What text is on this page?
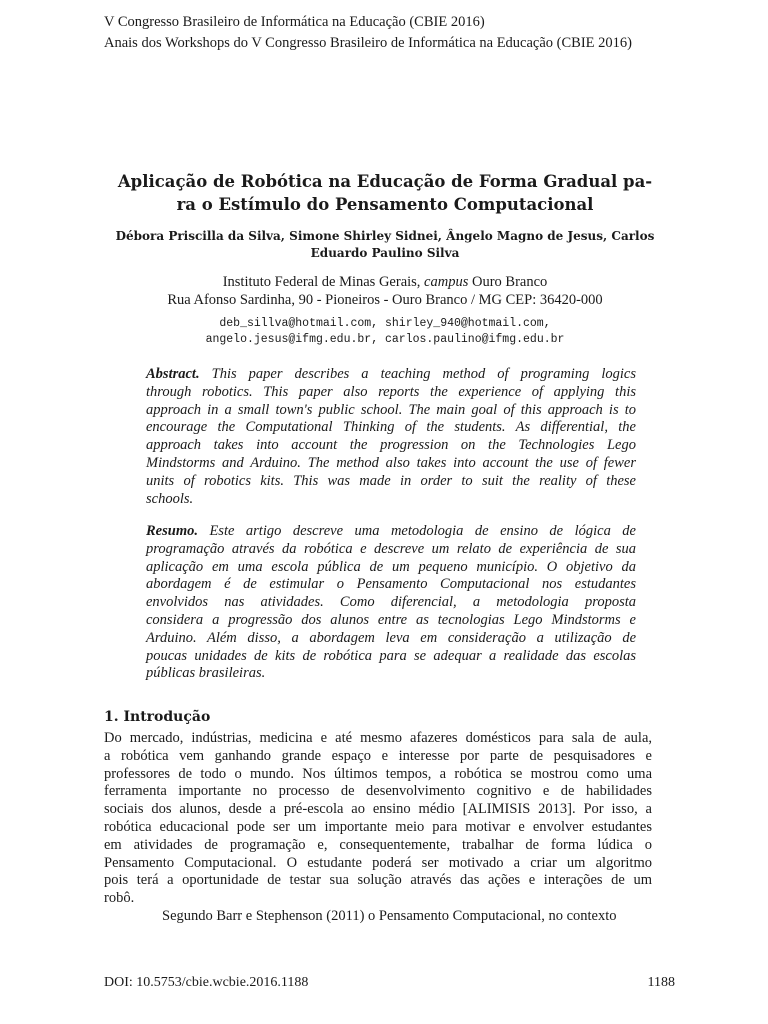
V Congresso Brasileiro de Informática na Educação (CBIE 2016)
Anais dos Workshops do V Congresso Brasileiro de Informática na Educação (CBIE 2016)
Aplicação de Robótica na Educação de Forma Gradual pa-
ra o Estímulo do Pensamento Computacional
Débora Priscilla da Silva, Simone Shirley Sidnei, Ângelo Magno de Jesus, Carlos
Eduardo Paulino Silva
Instituto Federal de Minas Gerais, campus Ouro Branco
Rua Afonso Sardinha, 90 - Pioneiros - Ouro Branco / MG CEP: 36420-000
deb_sillva@hotmail.com, shirley_940@hotmail.com,
angelo.jesus@ifmg.edu.br, carlos.paulino@ifmg.edu.br
Abstract. This paper describes a teaching method of programing logics
through robotics. This paper also reports the experience of applying this
approach in a small town's public school. The main goal of this approach is to
encourage the Computational Thinking of the students. As differential, the
approach takes into account the progression on the Technologies Lego
Mindstorms and Arduino. The method also takes into account the use of fewer
units of robotics kits. This was made in order to suit the reality of these
schools.
Resumo. Este artigo descreve uma metodologia de ensino de lógica de
programação através da robótica e descreve um relato de experiência de sua
aplicação em uma escola pública de um pequeno município. O objetivo da
abordagem é de estimular o Pensamento Computacional nos estudantes
envolvidos nas atividades. Como diferencial, a metodologia proposta
considera a progressão dos alunos entre as tecnologias Lego Mindstorms e
Arduino. Além disso, a abordagem leva em consideração a utilização de
poucas unidades de kits de robótica para se adequar a realidade das escolas
públicas brasileiras.
1. Introdução
Do mercado, indústrias, medicina e até mesmo afazeres domésticos para sala de aula,
a robótica vem ganhando grande espaço e interesse por parte de pesquisadores e
professores de todo o mundo. Nos últimos tempos, a robótica se mostrou como uma
ferramenta importante no processo de desenvolvimento cognitivo e de habilidades
sociais dos alunos, desde a pré-escola ao ensino médio [ALIMISIS 2013]. Por isso, a
robótica educacional pode ser um importante meio para motivar e envolver estudantes
em atividades de programação e, consequentemente, trabalhar de forma lúdica o
Pensamento Computacional. O estudante poderá ser motivado a criar um algoritmo
pois terá a oportunidade de testar sua solução através das ações e interações de um
robô.
Segundo Barr e Stephenson (2011) o Pensamento Computacional, no contexto
DOI: 10.5753/cbie.wcbie.2016.1188	1188
